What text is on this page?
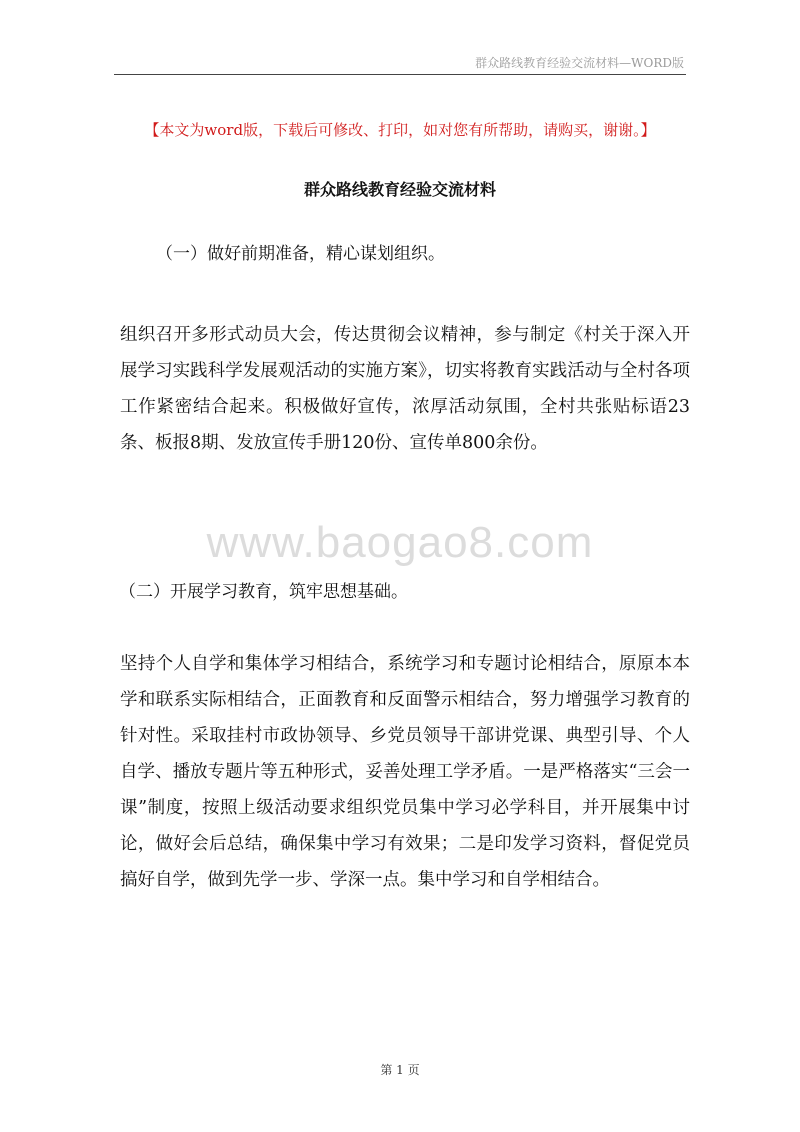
群众路线教育经验交流材料—WORD版
【本文为word版，下载后可修改、打印，如对您有所帮助，请购买，谢谢。】
群众路线教育经验交流材料
（一）做好前期准备，精心谋划组织。

组织召开多形式动员大会，传达贯彻会议精神，参与制定《村关于深入开展学习实践科学发展观活动的实施方案》，切实将教育实践活动与全村各项工作紧密结合起来。积极做好宣传，浓厚活动氛围，全村共张贴标语23条、板报8期、发放宣传手册120份、宣传单800余份。

www.baogao8.com
（二）开展学习教育，筑牢思想基础。

坚持个人自学和集体学习相结合，系统学习和专题讨论相结合，原原本本学和联系实际相结合，正面教育和反面警示相结合，努力增强学习教育的针对性。采取挂村市政协领导、乡党员领导干部讲党课、典型引导、个人自学、播放专题片等五种形式，妥善处理工学矛盾。一是严格落实“三会一课”制度，按照上级活动要求组织党员集中学习必学科目，并开展集中讨论，做好会后总结，确保集中学习有效果；二是印发学习资料，督促党员搞好自学，做到先学一步、学深一点。集中学习和自学相结合。

第 1 页
